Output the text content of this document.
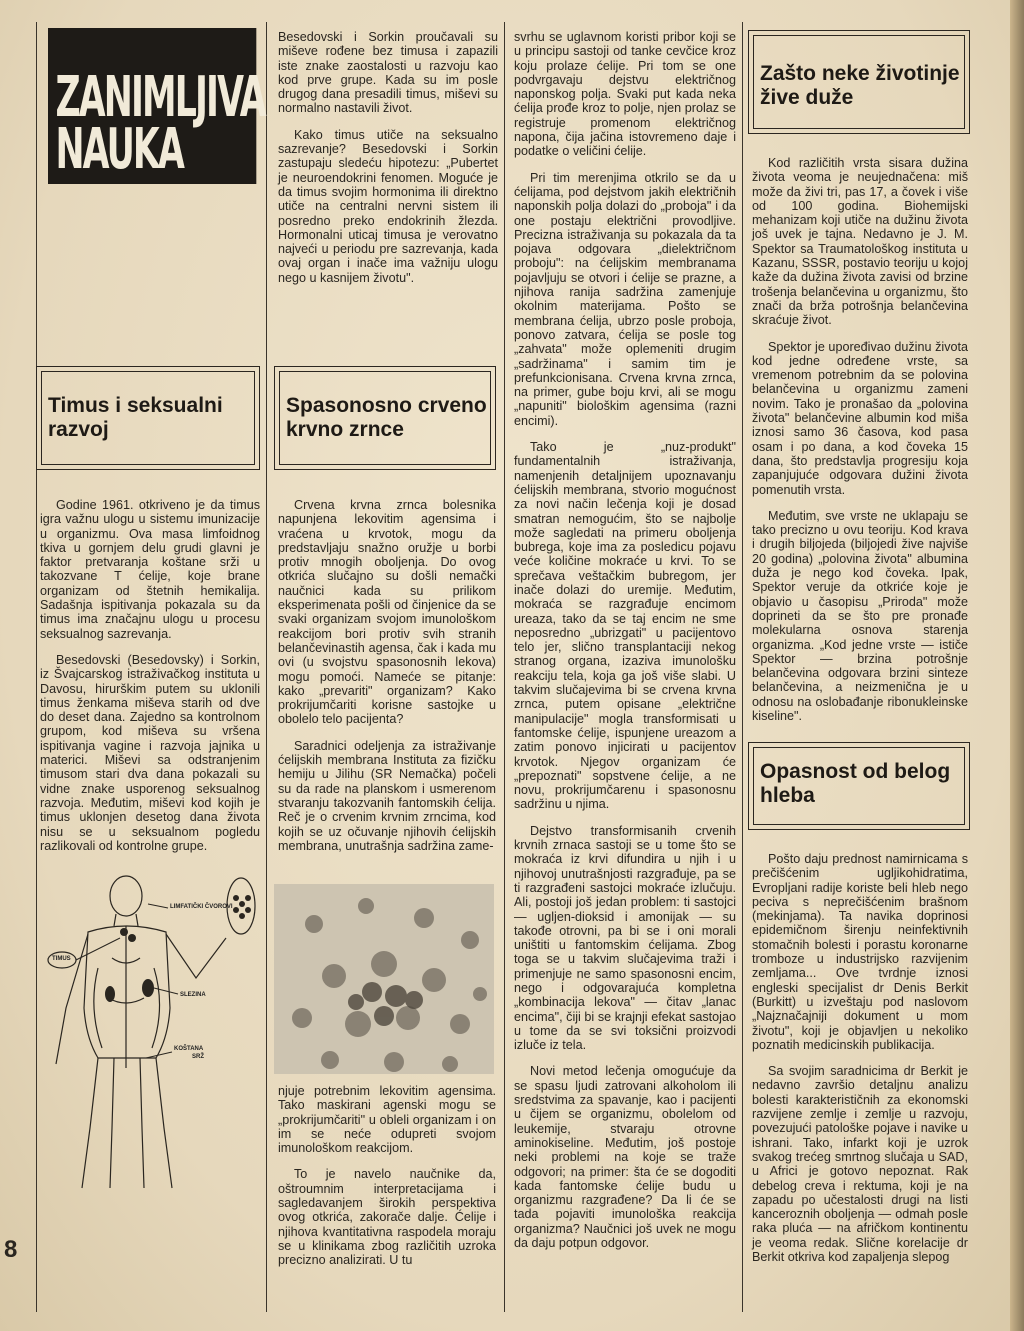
ZANIMLJIVA
NAUKA
Timus i seksualni razvoj

Godine 1961. otkriveno je da timus igra važnu ulogu u sistemu imunizacije u organizmu. Ova masa limfoidnog tkiva u gornjem delu grudi glavni je faktor pretvaranja koštane srži u takozvane T ćelije, koje brane organizam od štetnih hemikalija. Sadašnja ispitivanja pokazala su da timus ima značajnu ulogu u procesu seksualnog sazrevanja.

Besedovski (Besedovsky) i Sorkin, iz Švajcarskog istraživačkog instituta u Davosu, hirurškim putem su uklonili timus ženkama miševa starih od dve do deset dana. Zajedno sa kontrolnom grupom, kod miševa su vršena ispitivanja vagine i razvoja jajnika u materici. Miševi sa odstranjenim timusom stari dva dana pokazali su vidne znake usporenog seksualnog razvoja. Međutim, miševi kod kojih je timus uklonjen desetog dana života nisu se u seksualnom pogledu razlikovali od kontrolne grupe.

LIMFATIČKI ČVOROVI
TIMUS
SLEZINA
KOŠTANA
SRŽ
8

Besedovski i Sorkin proučavali su miševe rođene bez timusa i zapazili iste znake zaostalosti u razvoju kao kod prve grupe. Kada su im posle drugog dana presadili timus, miševi su normalno nastavili život.

Kako timus utiče na seksualno sazrevanje? Besedovski i Sorkin zastupaju sledeću hipotezu: „Pubertet je neuroendokrini fenomen. Moguće je da timus svojim hormonima ili direktno utiče na centralni nervni sistem ili posredno preko endokrinih žlezda. Hormonalni uticaj timusa je verovatno najveći u periodu pre sazrevanja, kada ovaj organ i inače ima važniju ulogu nego u kasnijem životu".

Spasonosno crveno krvno zrnce

Crvena krvna zrnca bolesnika napunjena lekovitim agensima i vraćena u krvotok, mogu da predstavljaju snažno oružje u borbi protiv mnogih oboljenja. Do ovog otkrića slučajno su došli nemački naučnici kada su prilikom eksperimenata pošli od činjenice da se svaki organizam svojom imunološkom reakcijom bori protiv svih stranih belančevinastih agensa, čak i kada mu ovi (u svojstvu spasonosnih lekova) mogu pomoći. Nameće se pitanje: kako „prevariti" organizam? Kako prokrijumčariti korisne sastojke u obolelo telo pacijenta?

Saradnici odeljenja za istraživanje ćelijskih membrana Instituta za fizičku hemiju u Jilihu (SR Nemačka) počeli su da rade na planskom i usmerenom stvaranju takozvanih fantomskih ćelija. Reč je o crvenim krvnim zrncima, kod kojih se uz očuvanje njihovih ćelijskih membrana, unutrašnja sadržina zame-

njuje potrebnim lekovitim agensima. Tako maskirani agenski mogu se „prokrijumčariti" u obleli organizam i on im se neće odupreti svojom imunološkom reakcijom.

To je navelo naučnike da, oštroumnim interpretacijama i sagledavanjem širokih perspektiva ovog otkrića, zakorače dalje. Ćelije i njihova kvantitativna raspodela moraju se u klinikama zbog različitih uzroka precizno analizirati. U tu

svrhu se uglavnom koristi pribor koji se u principu sastoji od tanke cevčice kroz koju prolaze ćelije. Pri tom se one podvrgavaju dejstvu električnog naponskog polja. Svaki put kada neka ćelija prođe kroz to polje, njen prolaz se registruje promenom električnog napona, čija jačina istovremeno daje i podatke o veličini ćelije.

Pri tim merenjima otkrilo se da u ćelijama, pod dejstvom jakih električnih naponskih polja dolazi do „proboja" i da one postaju električni provodljive. Precizna istraživanja su pokazala da ta pojava odgovara „dielektričnom proboju": na ćelijskim membranama pojavljuju se otvori i ćelije se prazne, a njihova ranija sadržina zamenjuje okolnim materijama. Pošto se membrana ćelija, ubrzo posle proboja, ponovo zatvara, ćelija se posle tog „zahvata" može oplemeniti drugim „sadržinama" i samim tim je prefunkcionisana. Crvena krvna zrnca, na primer, gube boju krvi, ali se mogu „napuniti" biološkim agensima (razni encimi).

Tako je „nuz-produkt" fundamentalnih istraživanja, namenjenih detaljnijem upoznavanju ćelijskih membrana, stvorio mogućnost za novi način lečenja koji je dosad smatran nemogućim, što se najbolje može sagledati na primeru oboljenja bubrega, koje ima za posledicu pojavu veće količine mokraće u krvi. To se sprečava veštačkim bubregom, jer inače dolazi do uremije. Međutim, mokraća se razgrađuje encimom ureaza, tako da se taj encim ne sme neposredno „ubrizgati" u pacijentovo telo jer, slično transplantaciji nekog stranog organa, izaziva imunološku reakciju tela, koja ga još više slabi. U takvim slučajevima bi se crvena krvna zrnca, putem opisane „električne manipulacije" mogla transformisati u fantomske ćelije, ispunjene ureazom a zatim ponovo injicirati u pacijentov krvotok. Njegov organizam će „prepoznati" sopstvene ćelije, a ne novu, prokrijumčarenu i spasonosnu sadržinu u njima.

Dejstvo transformisanih crvenih krvnih zrnaca sastoji se u tome što se mokraća iz krvi difundira u njih i u njihovoj unutrašnjosti razgrađuje, pa se ti razgrađeni sastojci mokraće izlučuju. Ali, postoji još jedan problem: ti sastojci — ugljen-dioksid i amonijak — su takođe otrovni, pa bi se i oni morali uništiti u fantomskim ćelijama. Zbog toga se u takvim slučajevima traži i primenjuje ne samo spasonosni encim, nego i odgovarajuća kompletna „kombinacija lekova" — čitav „lanac encima", čiji bi se krajnji efekat sastojao u tome da se svi toksični proizvodi izluče iz tela.

Novi metod lečenja omogućuje da se spasu ljudi zatrovani alkoholom ili sredstvima za spavanje, kao i pacijenti u čijem se organizmu, obolelom od leukemije, stvaraju otrovne aminokiseline. Međutim, još postoje neki problemi na koje se traže odgovori; na primer: šta će se dogoditi kada fantomske ćelije budu u organizmu razgrađene? Da li će se tada pojaviti imunološka reakcija organizma? Naučnici još uvek ne mogu da daju potpun odgovor.

Zašto neke životinje žive duže

Kod različitih vrsta sisara dužina života veoma je neujednačena: miš može da živi tri, pas 17, a čovek i više od 100 godina. Biohemijski mehanizam koji utiče na dužinu života još uvek je tajna. Nedavno je J. M. Spektor sa Traumatološkog instituta u Kazanu, SSSR, postavio teoriju u kojoj kaže da dužina života zavisi od brzine trošenja belančevina u organizmu, što znači da brža potrošnja belančevina skraćuje život.

Spektor je upoređivao dužinu života kod jedne određene vrste, sa vremenom potrebnim da se polovina belančevina u organizmu zameni novim. Tako je pronašao da „polovina života" belančevine albumin kod miša iznosi samo 36 časova, kod pasa osam i po dana, a kod čoveka 15 dana, što predstavlja progresiju koja zapanjujuće odgovara dužini života pomenutih vrsta.

Međutim, sve vrste ne uklapaju se tako precizno u ovu teoriju. Kod krava i drugih biljojeda (biljojedi žive najviše 20 godina) „polovina života" albumina duža je nego kod čoveka. Ipak, Spektor veruje da otkriće koje je objavio u časopisu „Priroda" može doprineti da se što pre pronađe molekularna osnova starenja organizma. „Kod jedne vrste — ističe Spektor — brzina potrošnje belančevina odgovara brzini sinteze belančevina, a neizmenična je u odnosu na oslobađanje ribonukleinske kiseline".

Opasnost od belog hleba

Pošto daju prednost namirnicama s prečišćenim ugljikohidratima, Evropljani radije koriste beli hleb nego peciva s neprečišćenim brašnom (mekinjama). Ta navika doprinosi epidemičnom širenju neinfektivnih stomačnih bolesti i porastu koronarne tromboze u industrijsko razvijenim zemljama... Ove tvrdnje iznosi engleski specijalist dr Denis Berkit (Burkitt) u izveštaju pod naslovom „Najznačajniji dokument u mom životu", koji je objavljen u nekoliko poznatih medicinskih publikacija.

Sa svojim saradnicima dr Berkit je nedavno završio detaljnu analizu bolesti karakterističnih za ekonomski razvijene zemlje i zemlje u razvoju, povezujući patološke pojave i navike u ishrani. Tako, infarkt koji je uzrok svakog trećeg smrtnog slučaja u SAD, u Africi je gotovo nepoznat. Rak debelog creva i rektuma, koji je na zapadu po učestalosti drugi na listi kanceroznih oboljenja — odmah posle raka pluća — na afričkom kontinentu je veoma redak. Slične korelacije dr Berkit otkriva kod zapaljenja slepog
